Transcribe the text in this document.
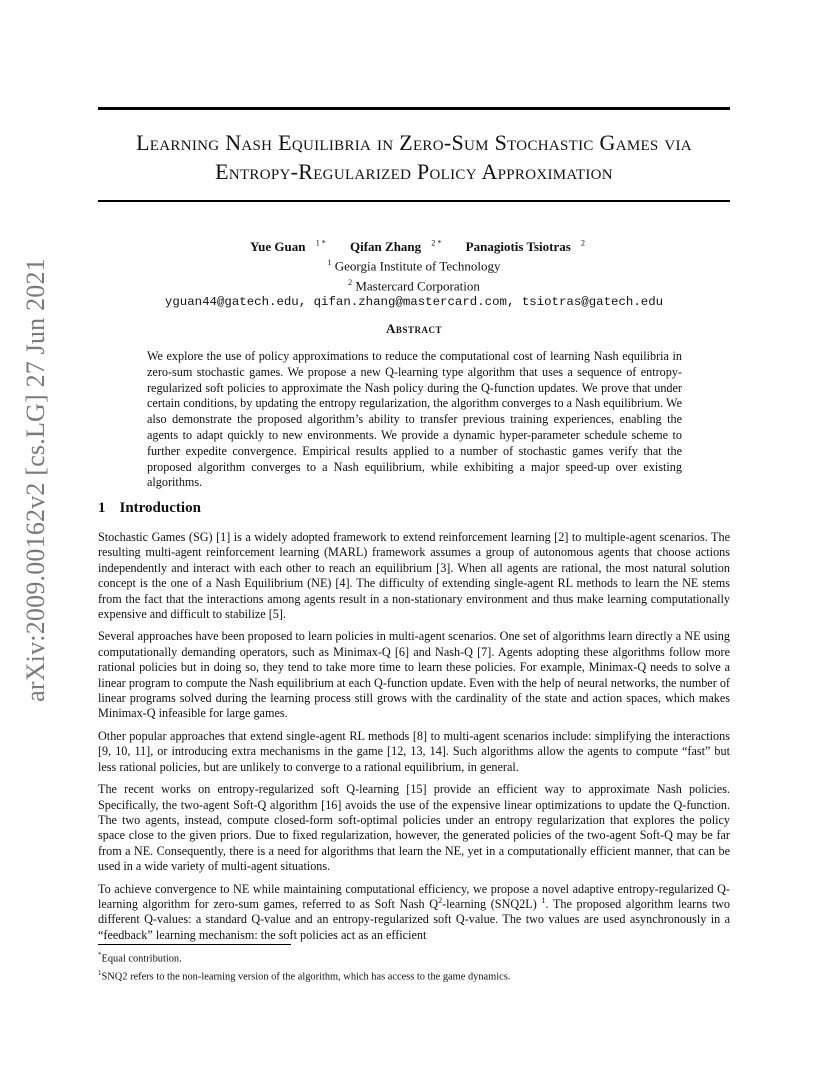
arXiv:2009.00162v2 [cs.LG] 27 Jun 2021
Learning Nash Equilibria in Zero-Sum Stochastic Games via Entropy-Regularized Policy Approximation
Yue Guan $^{1 *}$ Qifan Zhang $^{2 *}$ Panagiotis Tsiotras $^2$
$^1$ Georgia Institute of Technology
$^2$ Mastercard Corporation
yguan44@gatech.edu, qifan.zhang@mastercard.com, tsiotras@gatech.edu
Abstract

We explore the use of policy approximations to reduce the computational cost of learning Nash equilibria in zero-sum stochastic games. We propose a new Q-learning type algorithm that uses a sequence of entropy-regularized soft policies to approximate the Nash policy during the Q-function updates. We prove that under certain conditions, by updating the entropy regularization, the algorithm converges to a Nash equilibrium. We also demonstrate the proposed algorithm’s ability to transfer previous training experiences, enabling the agents to adapt quickly to new environments. We provide a dynamic hyper-parameter schedule scheme to further expedite convergence. Empirical results applied to a number of stochastic games verify that the proposed algorithm converges to a Nash equilibrium, while exhibiting a major speed-up over existing algorithms.

1 Introduction

Stochastic Games (SG) [1] is a widely adopted framework to extend reinforcement learning [2] to multiple-agent scenarios. The resulting multi-agent reinforcement learning (MARL) framework assumes a group of autonomous agents that choose actions independently and interact with each other to reach an equilibrium [3]. When all agents are rational, the most natural solution concept is the one of a Nash Equilibrium (NE) [4]. The difficulty of extending single-agent RL methods to learn the NE stems from the fact that the interactions among agents result in a non-stationary environment and thus make learning computationally expensive and difficult to stabilize [5].

Several approaches have been proposed to learn policies in multi-agent scenarios. One set of algorithms learn directly a NE using computationally demanding operators, such as Minimax-Q [6] and Nash-Q [7]. Agents adopting these algorithms follow more rational policies but in doing so, they tend to take more time to learn these policies. For example, Minimax-Q needs to solve a linear program to compute the Nash equilibrium at each Q-function update. Even with the help of neural networks, the number of linear programs solved during the learning process still grows with the cardinality of the state and action spaces, which makes Minimax-Q infeasible for large games.

Other popular approaches that extend single-agent RL methods [8] to multi-agent scenarios include: simplifying the interactions [9, 10, 11], or introducing extra mechanisms in the game [12, 13, 14]. Such algorithms allow the agents to compute “fast” but less rational policies, but are unlikely to converge to a rational equilibrium, in general.

The recent works on entropy-regularized soft Q-learning [15] provide an efficient way to approximate Nash policies. Specifically, the two-agent Soft-Q algorithm [16] avoids the use of the expensive linear optimizations to update the Q-function. The two agents, instead, compute closed-form soft-optimal policies under an entropy regularization that explores the policy space close to the given priors. Due to fixed regularization, however, the generated policies of the two-agent Soft-Q may be far from a NE. Consequently, there is a need for algorithms that learn the NE, yet in a computationally efficient manner, that can be used in a wide variety of multi-agent situations.

To achieve convergence to NE while maintaining computational efficiency, we propose a novel adaptive entropy-regularized Q-learning algorithm for zero-sum games, referred to as Soft Nash $Q^2$-learning (SNQ2L) $^1$. The proposed algorithm learns two different Q-values: a standard Q-value and an entropy-regularized soft Q-value. The two values are used asynchronously in a “feedback” learning mechanism: the soft policies act as an efficient

*Equal contribution.
$^1$SNQ2 refers to the non-learning version of the algorithm, which has access to the game dynamics.
